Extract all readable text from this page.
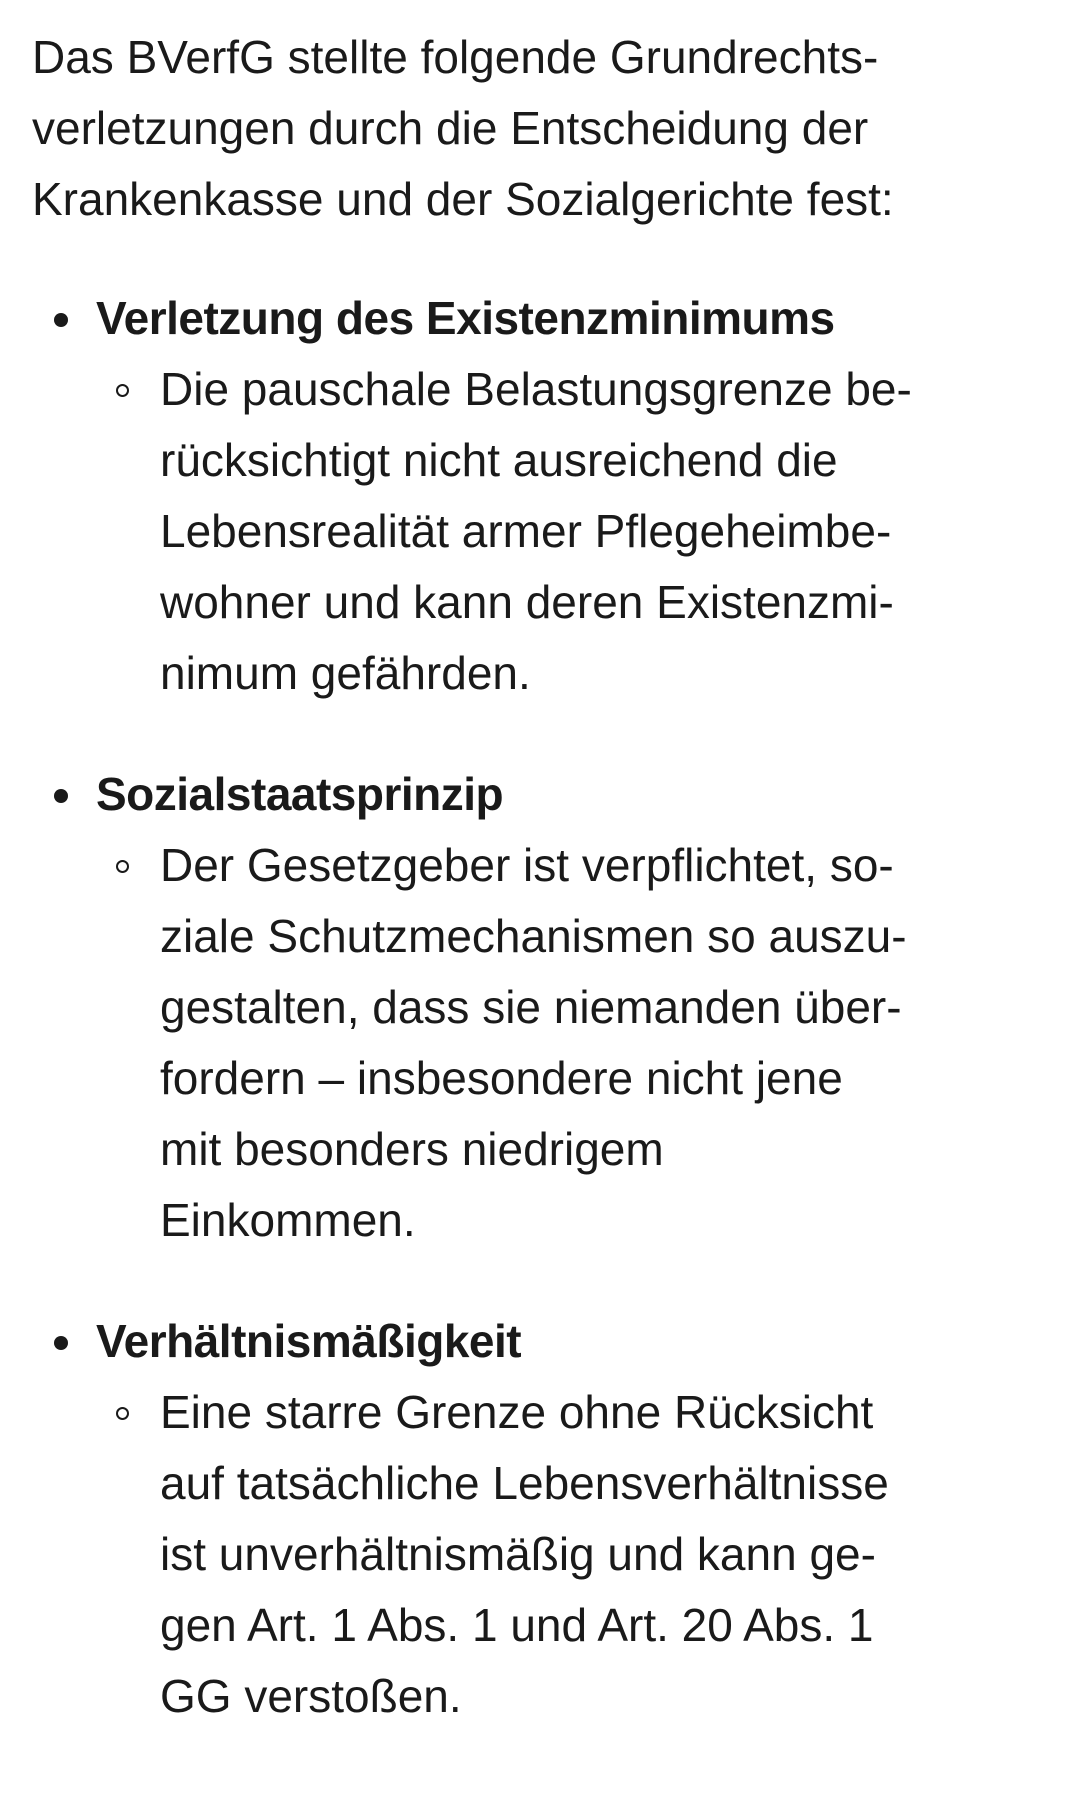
Das BVerfG stellte folgende Grundrechts-
verletzungen durch die Entscheidung der
Krankenkasse und der Sozialgerichte fest:

Verletzung des Existenzminimums
Die pauschale Belastungsgrenze be-
rücksichtigt nicht ausreichend die
Lebensrealität armer Pflegeheimbe-
wohner und kann deren Existenzmi-
nimum gefährden.
Sozialstaatsprinzip
Der Gesetzgeber ist verpflichtet, so-
ziale Schutzmechanismen so auszu-
gestalten, dass sie niemanden über-
fordern – insbesondere nicht jene
mit besonders niedrigem
Einkommen.
Verhältnismäßigkeit
Eine starre Grenze ohne Rücksicht
auf tatsächliche Lebensverhältnisse
ist unverhältnismäßig und kann ge-
gen Art. 1 Abs. 1 und Art. 20 Abs. 1
GG verstoßen.
